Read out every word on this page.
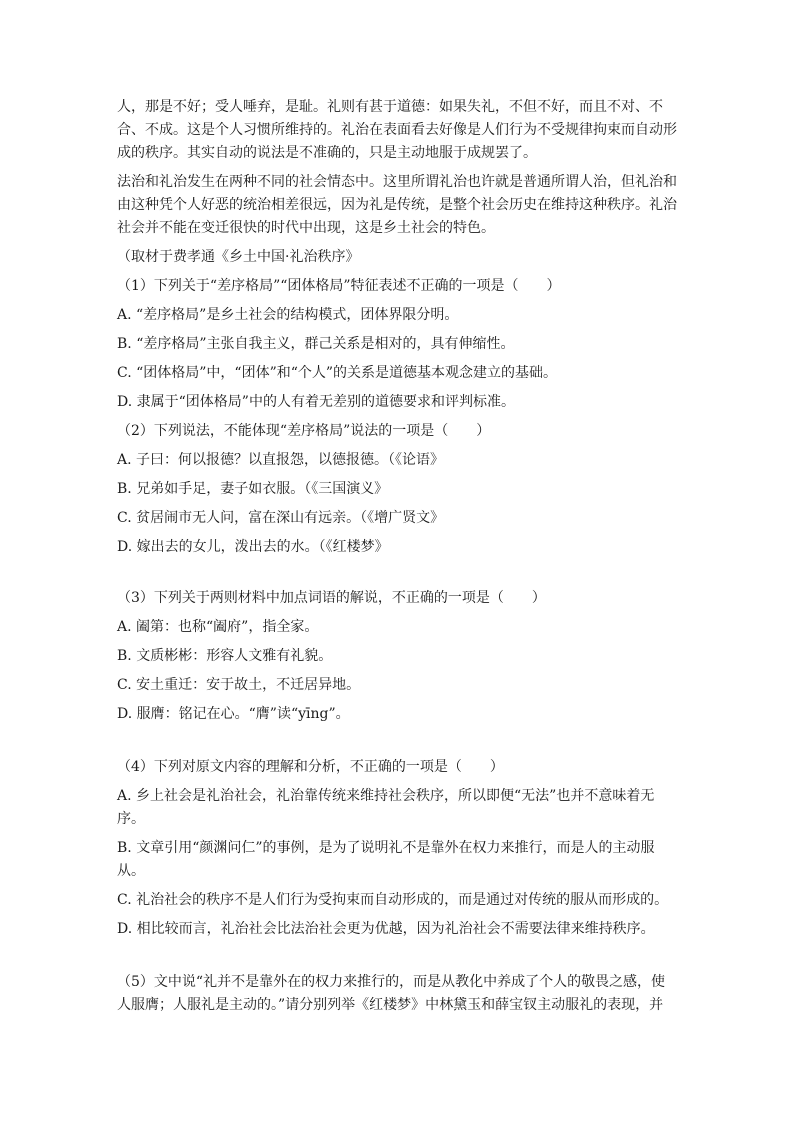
人，那是不好；受人唾弃，是耻。礼则有甚于道德：如果失礼，不但不好，而且不对、不合、不成。这是个人习惯所维持的。礼治在表面看去好像是人们行为不受规律拘束而自动形成的秩序。其实自动的说法是不准确的，只是主动地服于成规罢了。

法治和礼治发生在两种不同的社会情态中。这里所谓礼治也许就是普通所谓人治，但礼治和由这种凭个人好恶的统治相差很远，因为礼是传统，是整个社会历史在维持这种秩序。礼治社会并不能在变迁很快的时代中出现，这是乡土社会的特色。

（取材于费孝通《乡土中国·礼治秩序》

（1）下列关于“差序格局”“团体格局”特征表述不正确的一项是（　　）

A. “差序格局”是乡土社会的结构模式，团体界限分明。

B. “差序格局”主张自我主义，群己关系是相对的，具有伸缩性。

C. “团体格局”中，“团体”和“个人”的关系是道德基本观念建立的基础。

D. 隶属于“团体格局”中的人有着无差别的道德要求和评判标准。

（2）下列说法，不能体现“差序格局”说法的一项是（　　）

A. 子曰：何以报德？以直报怨，以德报德。（《论语》

B. 兄弟如手足，妻子如衣服。（《三国演义》

C. 贫居闹市无人问，富在深山有远亲。（《增广贤文》

D. 嫁出去的女儿，泼出去的水。（《红楼梦》

（3）下列关于两则材料中加点词语的解说，不正确的一项是（　　）

A. 阖第：也称“阖府”，指全家。

B. 文质彬彬：形容人文雅有礼貌。

C. 安土重迁：安于故土，不迁居异地。

D. 服膺：铭记在心。“膺”读“yīng”。

（4）下列对原文内容的理解和分析，不正确的一项是（　　）

A. 乡上社会是礼治社会，礼治靠传统来维持社会秩序，所以即便“无法”也并不意味着无序。

B. 文章引用“颜渊问仁”的事例，是为了说明礼不是靠外在权力来推行，而是人的主动服从。

C. 礼治社会的秩序不是人们行为受拘束而自动形成的，而是通过对传统的服从而形成的。

D. 相比较而言，礼治社会比法治社会更为优越，因为礼治社会不需要法律来维持秩序。

（5）文中说“礼并不是靠外在的权力来推行的，而是从教化中养成了个人的敬畏之感，使人服膺；人服礼是主动的。”请分别列举《红楼梦》中林黛玉和薛宝钗主动服礼的表现，并
